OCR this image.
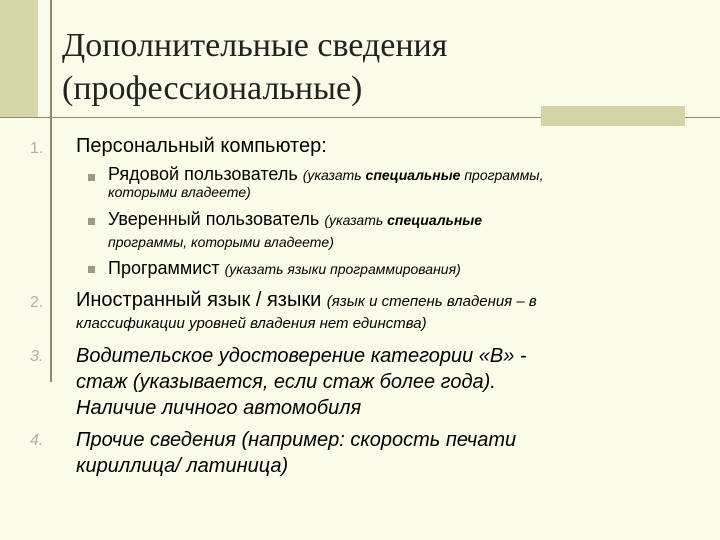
Дополнительные сведения
(профессиональные)
1. Персональный компьютер:
Рядовой пользователь (указать специальные программы,
которыми владеете)
Уверенный пользователь (указать специальные
программы, которыми владеете)
Программист (указать языки программирования)
2. Иностранный язык / языки (язык и степень владения – в
классификации уровней владения нет единства)
3. Водительское удостоверение категории «В» -
стаж (указывается, если стаж более года).
Наличие личного автомобиля
4. Прочие сведения (например: скорость печати
кириллица/ латиница)
